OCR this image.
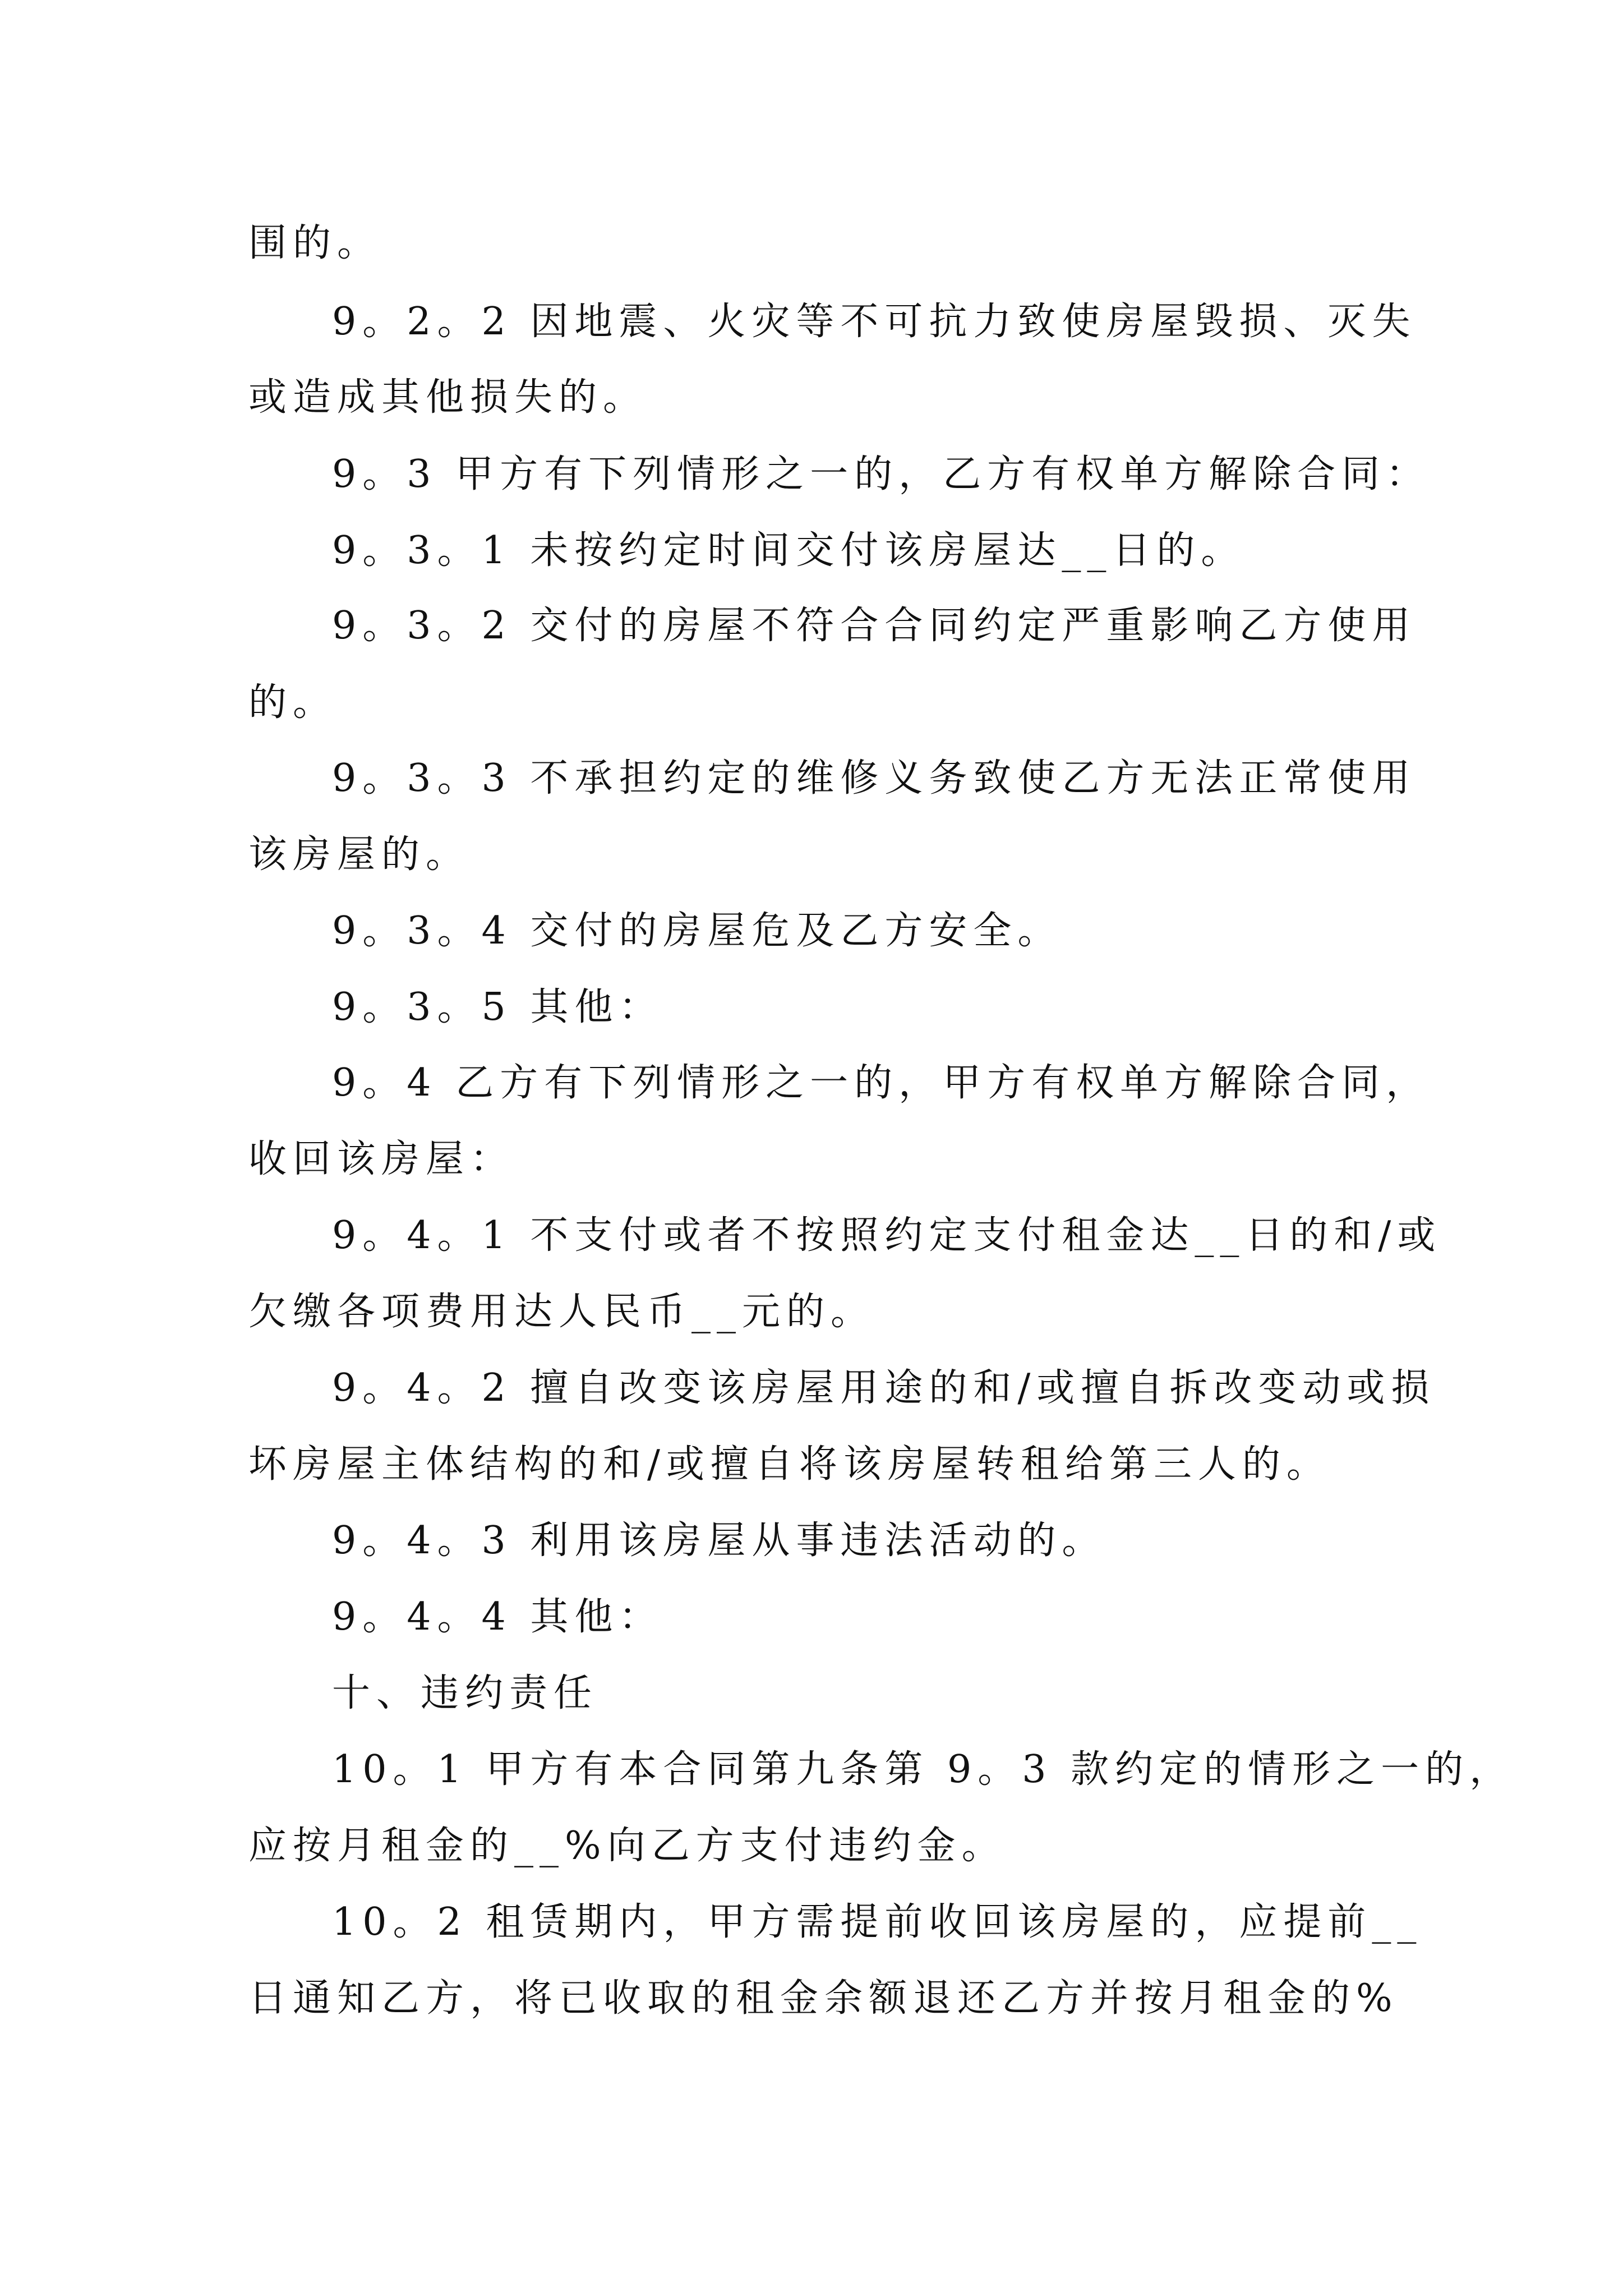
围的。
9。2。2 因地震、火灾等不可抗力致使房屋毁损、灭失
或造成其他损失的。
9。3 甲方有下列情形之一的，乙方有权单方解除合同：
9。3。1 未按约定时间交付该房屋达__日的。
9。3。2 交付的房屋不符合合同约定严重影响乙方使用
的。
9。3。3 不承担约定的维修义务致使乙方无法正常使用
该房屋的。
9。3。4 交付的房屋危及乙方安全。
9。3。5 其他：
9。4 乙方有下列情形之一的，甲方有权单方解除合同，
收回该房屋：
9。4。1 不支付或者不按照约定支付租金达__日的和/或
欠缴各项费用达人民币__元的。
9。4。2 擅自改变该房屋用途的和/或擅自拆改变动或损
坏房屋主体结构的和/或擅自将该房屋转租给第三人的。
9。4。3 利用该房屋从事违法活动的。
9。4。4 其他：
十、违约责任
10。1 甲方有本合同第九条第 9。3 款约定的情形之一的，
应按月租金的__%向乙方支付违约金。
10。2 租赁期内，甲方需提前收回该房屋的，应提前__
日通知乙方，将已收取的租金余额退还乙方并按月租金的%
